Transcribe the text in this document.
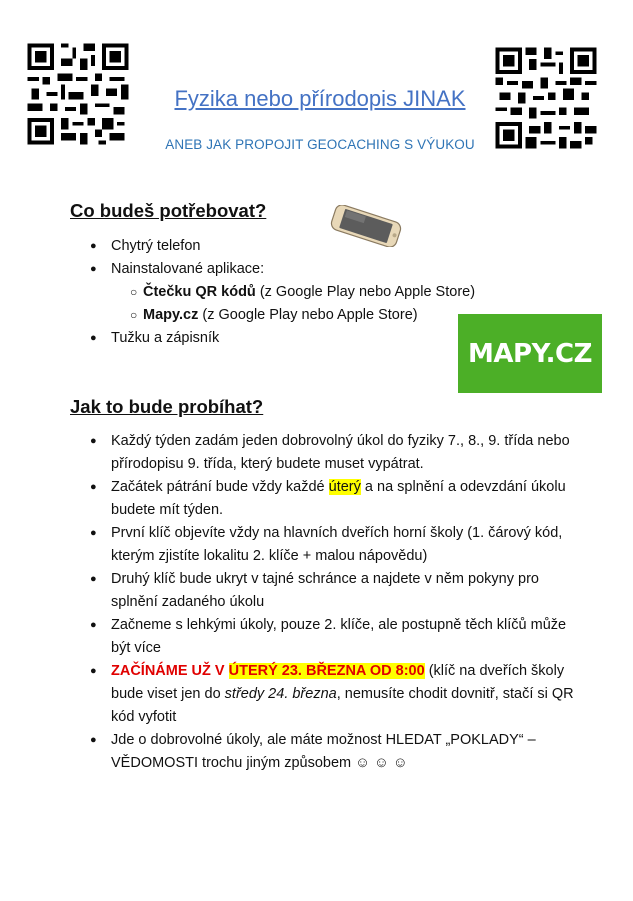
Fyzika nebo přírodopis JINAK
ANEB JAK PROPOJIT GEOCACHING S VÝUKOU
Co budeš potřebovat?
● Chytrý telefon
● Nainstalované aplikace:
○ Čtečku QR kódů (z Google Play nebo Apple Store)
○ Mapy.cz (z Google Play nebo Apple Store)
● Tužku a zápisník
MAPY.CZ
Jak to bude probíhat?
● Každý týden zadám jeden dobrovolný úkol do fyziky 7., 8., 9. třída nebo přírodopisu 9. třída, který budete muset vypátrat.
● Začátek pátrání bude vždy každé úterý a na splnění a odevzdání úkolu budete mít týden.
● První klíč objevíte vždy na hlavních dveřích horní školy (1. čárový kód, kterým zjistíte lokalitu 2. klíče + malou nápovědu)
● Druhý klíč bude ukryt v tajné schránce a najdete v něm pokyny pro splnění zadaného úkolu
● Začneme s lehkými úkoly, pouze 2. klíče, ale postupně těch klíčů může být více
● ZAČÍNÁME UŽ V ÚTERÝ 23. BŘEZNA OD 8:00 (klíč na dveřích školy bude viset jen do středy 24. března, nemusíte chodit dovnitř, stačí si QR kód vyfotit
● Jde o dobrovolné úkoly, ale máte možnost HLEDAT „POKLADY“ – VĚDOMOSTI trochu jiným způsobem ☺ ☺ ☺
